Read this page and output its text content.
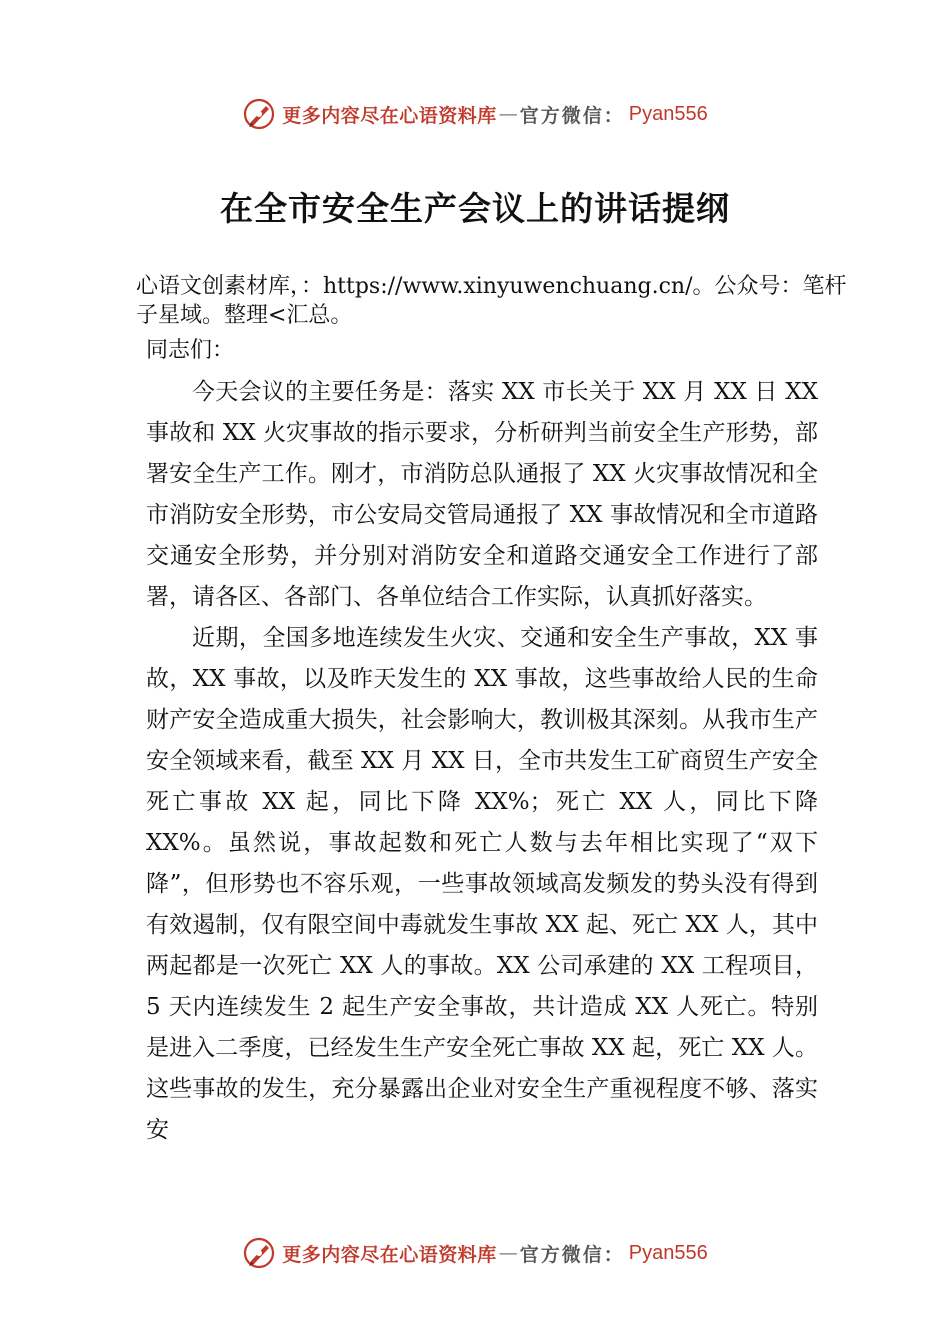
更多内容尽在心语资料库 — 官方微信： Pyan556
在全市安全生产会议上的讲话提纲

心语文创素材库，：https://www.xinyuwenchuang.cn/。公众号：笔杆子星域。整理<汇总。

同志们：

今天会议的主要任务是：落实 XX 市长关于 XX 月 XX 日 XX 事故和 XX 火灾事故的指示要求，分析研判当前安全生产形势，部署安全生产工作。刚才，市消防总队通报了 XX 火灾事故情况和全市消防安全形势，市公安局交管局通报了 XX 事故情况和全市道路交通安全形势，并分别对消防安全和道路交通安全工作进行了部署，请各区、各部门、各单位结合工作实际，认真抓好落实。

近期，全国多地连续发生火灾、交通和安全生产事故，XX 事故，XX 事故，以及昨天发生的 XX 事故，这些事故给人民的生命财产安全造成重大损失，社会影响大，教训极其深刻。从我市生产安全领域来看，截至 XX 月 XX 日，全市共发生工矿商贸生产安全死亡事故 XX 起，同比下降 XX%；死亡 XX 人，同比下降 XX%。虽然说，事故起数和死亡人数与去年相比实现了“双下降”，但形势也不容乐观，一些事故领域高发频发的势头没有得到有效遏制，仅有限空间中毒就发生事故 XX 起、死亡 XX 人，其中两起都是一次死亡 XX 人的事故。XX 公司承建的 XX 工程项目，5 天内连续发生 2 起生产安全事故，共计造成 XX 人死亡。特别是进入二季度，已经发生生产安全死亡事故 XX 起，死亡 XX 人。这些事故的发生，充分暴露出企业对安全生产重视程度不够、落实安

更多内容尽在心语资料库 — 官方微信： Pyan556
